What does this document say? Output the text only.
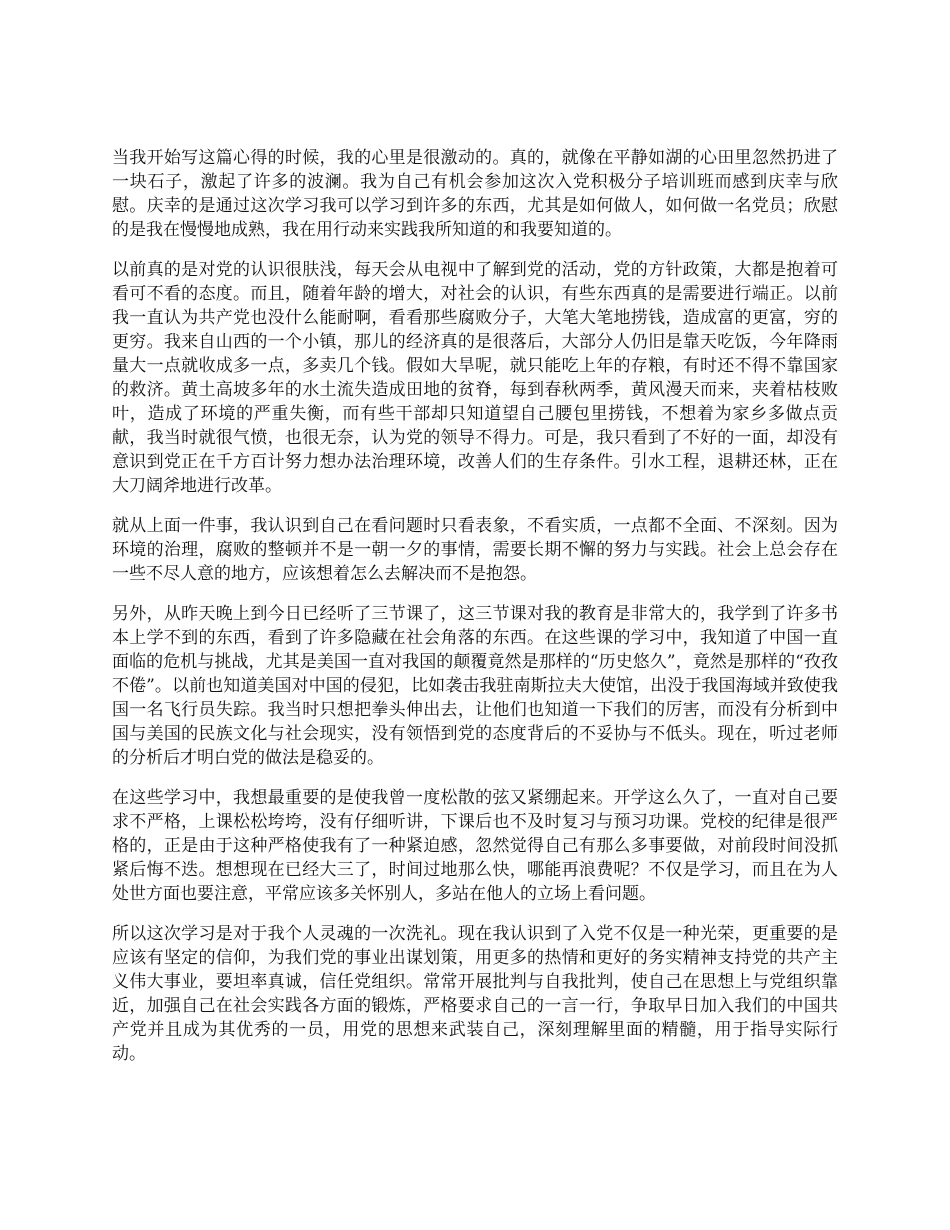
当我开始写这篇心得的时候，我的心里是很激动的。真的，就像在平静如湖的心田里忽然扔进了一块石子，激起了许多的波澜。我为自己有机会参加这次入党积极分子培训班而感到庆幸与欣慰。庆幸的是通过这次学习我可以学习到许多的东西，尤其是如何做人，如何做一名党员；欣慰的是我在慢慢地成熟，我在用行动来实践我所知道的和我要知道的。

以前真的是对党的认识很肤浅，每天会从电视中了解到党的活动，党的方针政策，大都是抱着可看可不看的态度。而且，随着年龄的增大，对社会的认识，有些东西真的是需要进行端正。以前我一直认为共产党也没什么能耐啊，看看那些腐败分子，大笔大笔地捞钱，造成富的更富，穷的更穷。我来自山西的一个小镇，那儿的经济真的是很落后，大部分人仍旧是靠天吃饭，今年降雨量大一点就收成多一点，多卖几个钱。假如大旱呢，就只能吃上年的存粮，有时还不得不靠国家的救济。黄土高坡多年的水土流失造成田地的贫脊，每到春秋两季，黄风漫天而来，夹着枯枝败叶，造成了环境的严重失衡，而有些干部却只知道望自己腰包里捞钱，不想着为家乡多做点贡献，我当时就很气愤，也很无奈，认为党的领导不得力。可是，我只看到了不好的一面，却没有意识到党正在千方百计努力想办法治理环境，改善人们的生存条件。引水工程，退耕还林，正在大刀阔斧地进行改革。

就从上面一件事，我认识到自己在看问题时只看表象，不看实质，一点都不全面、不深刻。因为环境的治理，腐败的整顿并不是一朝一夕的事情，需要长期不懈的努力与实践。社会上总会存在一些不尽人意的地方，应该想着怎么去解决而不是抱怨。

另外，从昨天晚上到今日已经听了三节课了，这三节课对我的教育是非常大的，我学到了许多书本上学不到的东西，看到了许多隐藏在社会角落的东西。在这些课的学习中，我知道了中国一直面临的危机与挑战，尤其是美国一直对我国的颠覆竟然是那样的“历史悠久”，竟然是那样的“孜孜不倦”。以前也知道美国对中国的侵犯，比如袭击我驻南斯拉夫大使馆，出没于我国海域并致使我国一名飞行员失踪。我当时只想把拳头伸出去，让他们也知道一下我们的厉害，而没有分析到中国与美国的民族文化与社会现实，没有领悟到党的态度背后的不妥协与不低头。现在，听过老师的分析后才明白党的做法是稳妥的。

在这些学习中，我想最重要的是使我曾一度松散的弦又紧绷起来。开学这么久了，一直对自己要求不严格，上课松松垮垮，没有仔细听讲，下课后也不及时复习与预习功课。党校的纪律是很严格的，正是由于这种严格使我有了一种紧迫感，忽然觉得自己有那么多事要做，对前段时间没抓紧后悔不迭。想想现在已经大三了，时间过地那么快，哪能再浪费呢？不仅是学习，而且在为人处世方面也要注意，平常应该多关怀别人，多站在他人的立场上看问题。

所以这次学习是对于我个人灵魂的一次洗礼。现在我认识到了入党不仅是一种光荣，更重要的是应该有坚定的信仰，为我们党的事业出谋划策，用更多的热情和更好的务实精神支持党的共产主义伟大事业，要坦率真诚，信任党组织。常常开展批判与自我批判，使自己在思想上与党组织靠近，加强自己在社会实践各方面的锻炼，严格要求自己的一言一行，争取早日加入我们的中国共产党并且成为其优秀的一员，用党的思想来武装自己，深刻理解里面的精髓，用于指导实际行动。
